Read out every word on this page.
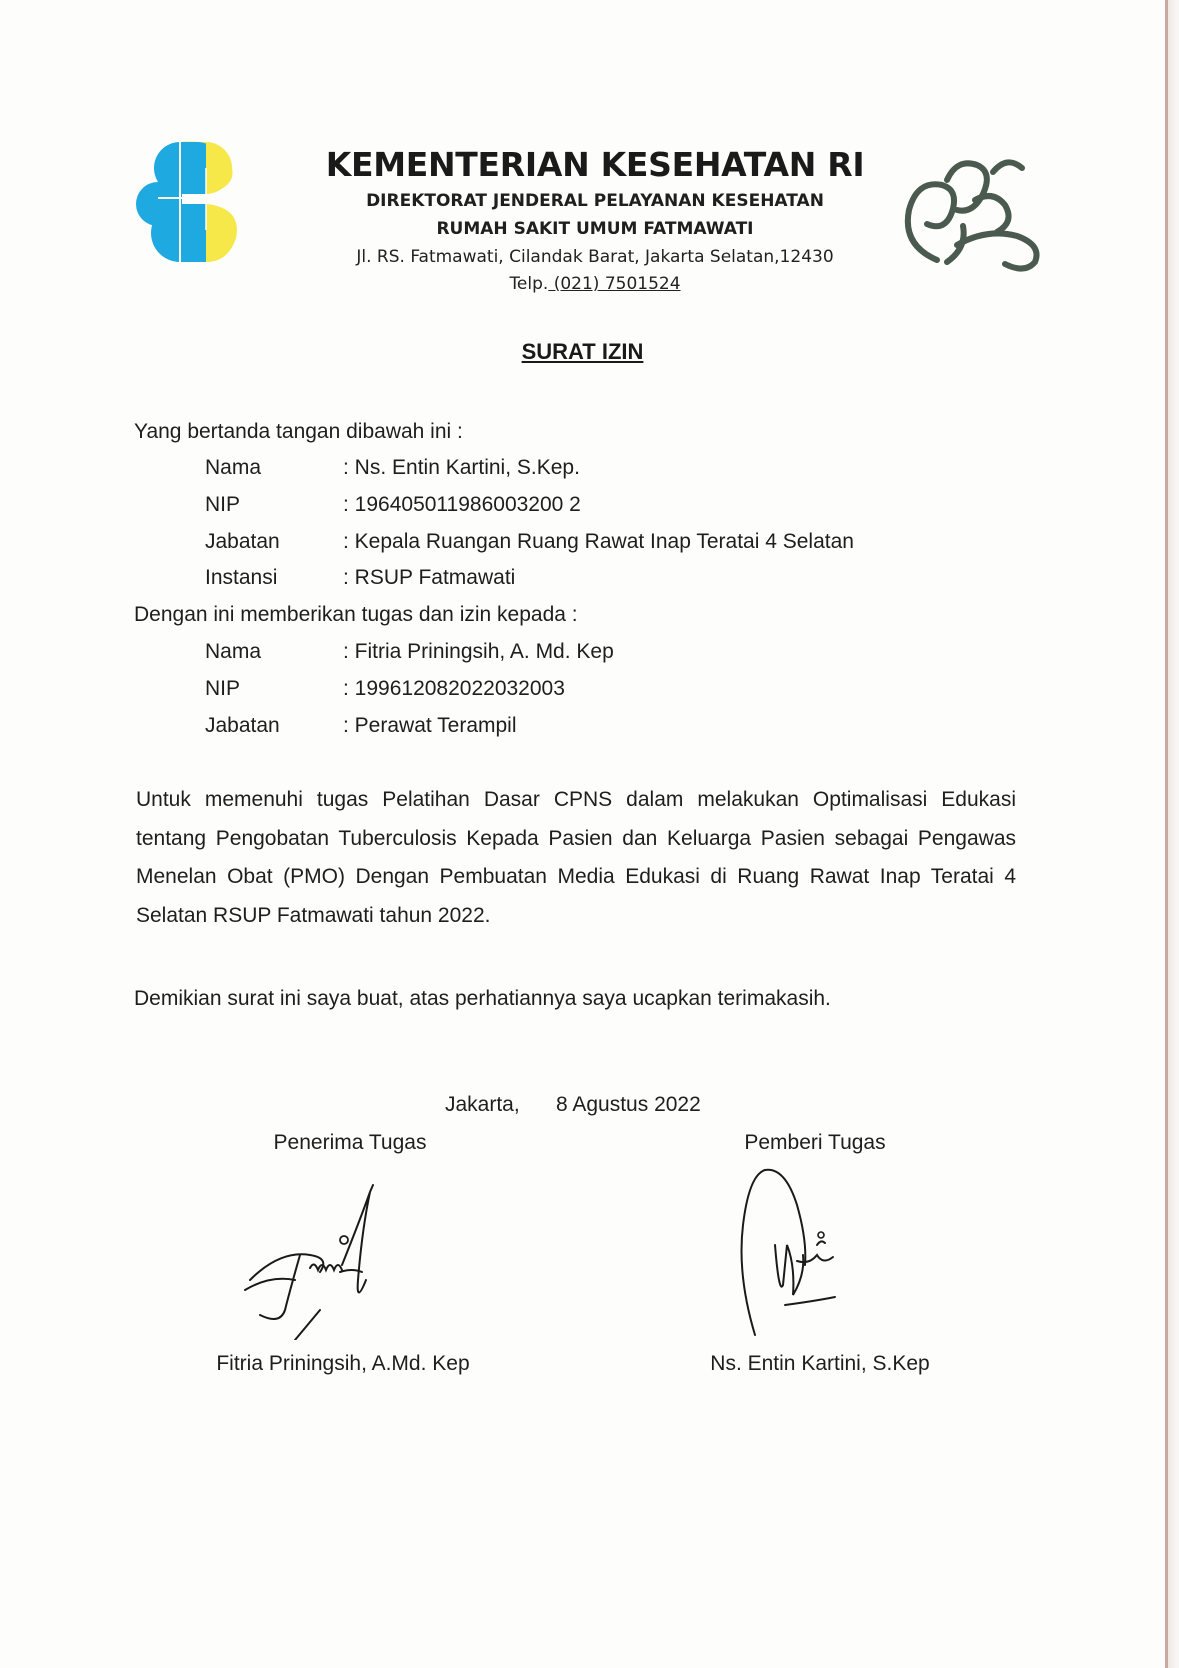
KEMENTERIAN KESEHATAN RI
DIREKTORAT JENDERAL PELAYANAN KESEHATAN
RUMAH SAKIT UMUM FATMAWATI
Jl. RS. Fatmawati, Cilandak Barat, Jakarta Selatan,12430
Telp. (021) 7501524
SURAT IZIN
Yang bertanda tangan dibawah ini :
Nama	: Ns. Entin Kartini, S.Kep.
NIP	: 196405011986003200 2
Jabatan	: Kepala Ruangan Ruang Rawat Inap Teratai 4 Selatan
Instansi	: RSUP Fatmawati
Dengan ini memberikan tugas dan izin kepada :
Nama	: Fitria Priningsih, A. Md. Kep
NIP	: 199612082022032003
Jabatan	: Perawat Terampil
Untuk memenuhi tugas Pelatihan Dasar CPNS dalam melakukan Optimalisasi Edukasi tentang Pengobatan Tuberculosis Kepada Pasien dan Keluarga Pasien sebagai Pengawas Menelan Obat (PMO) Dengan Pembuatan Media Edukasi di Ruang Rawat Inap Teratai 4 Selatan RSUP Fatmawati tahun 2022.
Demikian surat ini saya buat, atas perhatiannya saya ucapkan terimakasih.
Jakarta, 8 Agustus 2022
Penerima Tugas	Pemberi Tugas
Fitria Priningsih, A.Md. Kep	Ns. Entin Kartini, S.Kep
